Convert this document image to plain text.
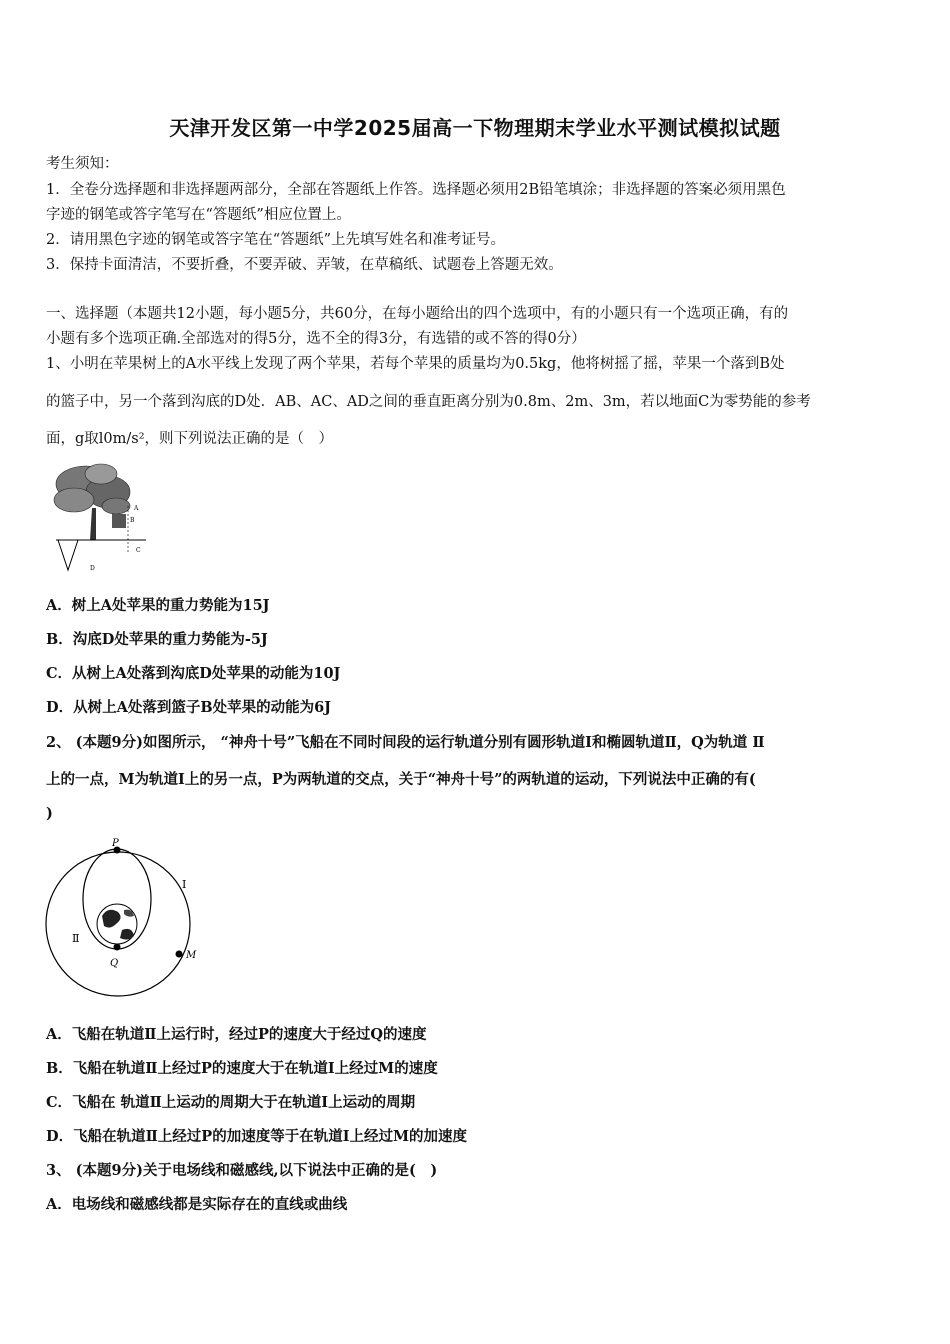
天津开发区第一中学2025届高一下物理期末学业水平测试模拟试题
考生须知：
1．全卷分选择题和非选择题两部分，全部在答题纸上作答。选择题必须用2B铅笔填涂；非选择题的答案必须用黑色
字迹的钢笔或答字笔写在“答题纸”相应位置上。
2．请用黑色字迹的钢笔或答字笔在“答题纸”上先填写姓名和准考证号。
3．保持卡面清洁，不要折叠，不要弄破、弄皱，在草稿纸、试题卷上答题无效。
一、选择题（本题共12小题，每小题5分，共60分，在每小题给出的四个选项中，有的小题只有一个选项正确，有的
小题有多个选项正确.全部选对的得5分，选不全的得3分，有选错的或不答的得0分）
1、小明在苹果树上的A水平线上发现了两个苹果，若每个苹果的质量均为0.5kg，他将树摇了摇，苹果一个落到B处
的篮子中，另一个落到沟底的D处．AB、AC、AD之间的垂直距离分别为0.8m、2m、3m，若以地面C为零势能的参考
面，g取l0m/s²，则下列说法正确的是（　）
A
B
C
D
A．树上A处苹果的重力势能为15J
B．沟底D处苹果的重力势能为-5J
C．从树上A处落到沟底D处苹果的动能为10J
D．从树上A处落到篮子B处苹果的动能为6J
2、 (本题9分)如图所示， “神舟十号”飞船在不同时间段的运行轨道分别有圆形轨道Ⅰ和椭圆轨道Ⅱ，Q为轨道 Ⅱ
上的一点，M为轨道Ⅰ上的另一点，P为两轨道的交点，关于“神舟十号”的两轨道的运动，下列说法中正确的有(
)
P
Ⅰ
Ⅱ
Q
M
A．飞船在轨道Ⅱ上运行时，经过P的速度大于经过Q的速度
B．飞船在轨道Ⅱ上经过P的速度大于在轨道Ⅰ上经过M的速度
C．飞船在 轨道Ⅱ上运动的周期大于在轨道Ⅰ上运动的周期
D．飞船在轨道Ⅱ上经过P的加速度等于在轨道Ⅰ上经过M的加速度
3、 (本题9分)关于电场线和磁感线,以下说法中正确的是(　)
A．电场线和磁感线都是实际存在的直线或曲线
